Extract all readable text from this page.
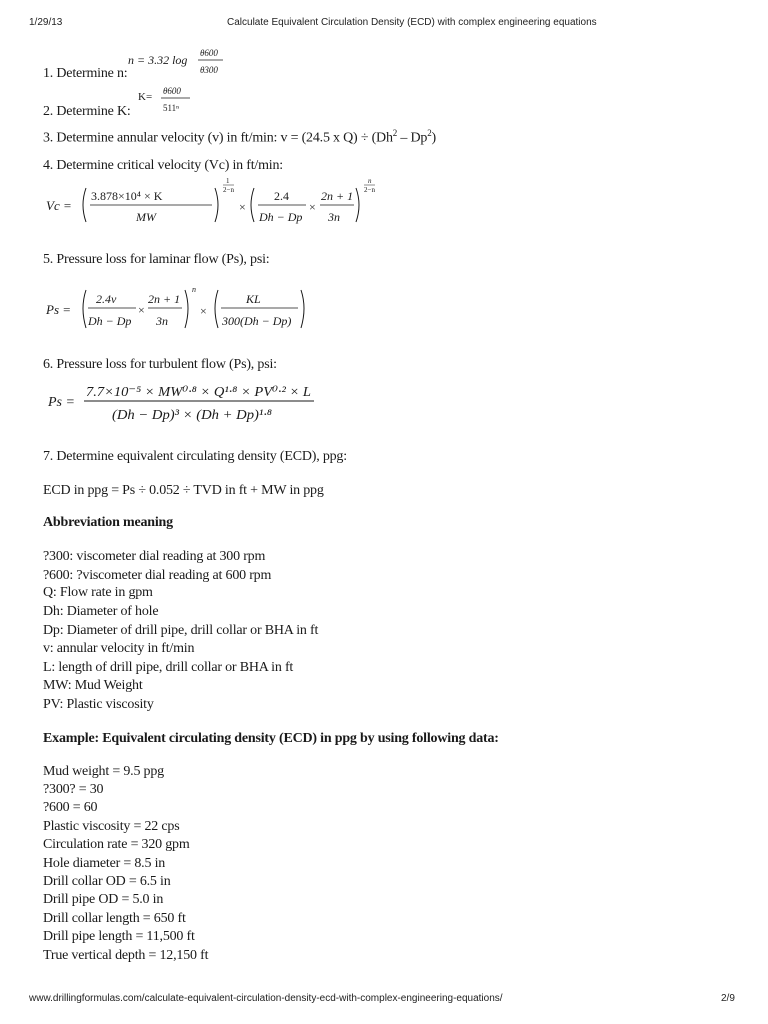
1/29/13	Calculate Equivalent Circulation Density (ECD) with complex engineering equations
1. Determine n:
n = 3.32 log θ600
θ300
2. Determine K:
K= θ600
511ⁿ
3. Determine annular velocity (v) in ft/min: v = (24.5 x $Q) \div (Dh^2 - Dp^2)$
4. Determine critical velocity (Vc) in ft/min:
Vc =
3.878×10⁴ × K
MW
1
2−n
×
2.4
Dh − Dp
×
2n + 1
3n
n
2−n
5. Pressure loss for laminar flow (Ps), psi:
Ps =
2.4v
Dh − Dp
×
2n + 1
3n
n
×
KL
300(Dh − Dp)
6. Pressure loss for turbulent flow (Ps), psi:
Ps =
7.7×10⁻⁵ × MW⁰·⁸ × Q¹·⁸ × PV⁰·² × L
(Dh − Dp)³ × (Dh + Dp)¹·⁸
7. Determine equivalent circulating density (ECD), ppg:
ECD in ppg = Ps ÷ 0.052 ÷ TVD in ft + MW in ppg
Abbreviation meaning
?300: viscometer dial reading at 300 rpm
?600: ?viscometer dial reading at 600 rpm
Q: Flow rate in gpm
Dh: Diameter of hole
Dp: Diameter of drill pipe, drill collar or BHA in ft
v: annular velocity in ft/min
L: length of drill pipe, drill collar or BHA in ft
MW: Mud Weight
PV: Plastic viscosity
Example: Equivalent circulating density (ECD) in ppg by using following data:
Mud weight = 9.5 ppg
?300? = 30
?600 = 60
Plastic viscosity = 22 cps
Circulation rate = 320 gpm
Hole diameter = 8.5 in
Drill collar OD = 6.5 in
Drill pipe OD = 5.0 in
Drill collar length = 650 ft
Drill pipe length = 11,500 ft
True vertical depth = 12,150 ft
www.drillingformulas.com/calculate-equivalent-circulation-density-ecd-with-complex-engineering-equations/	2/9
